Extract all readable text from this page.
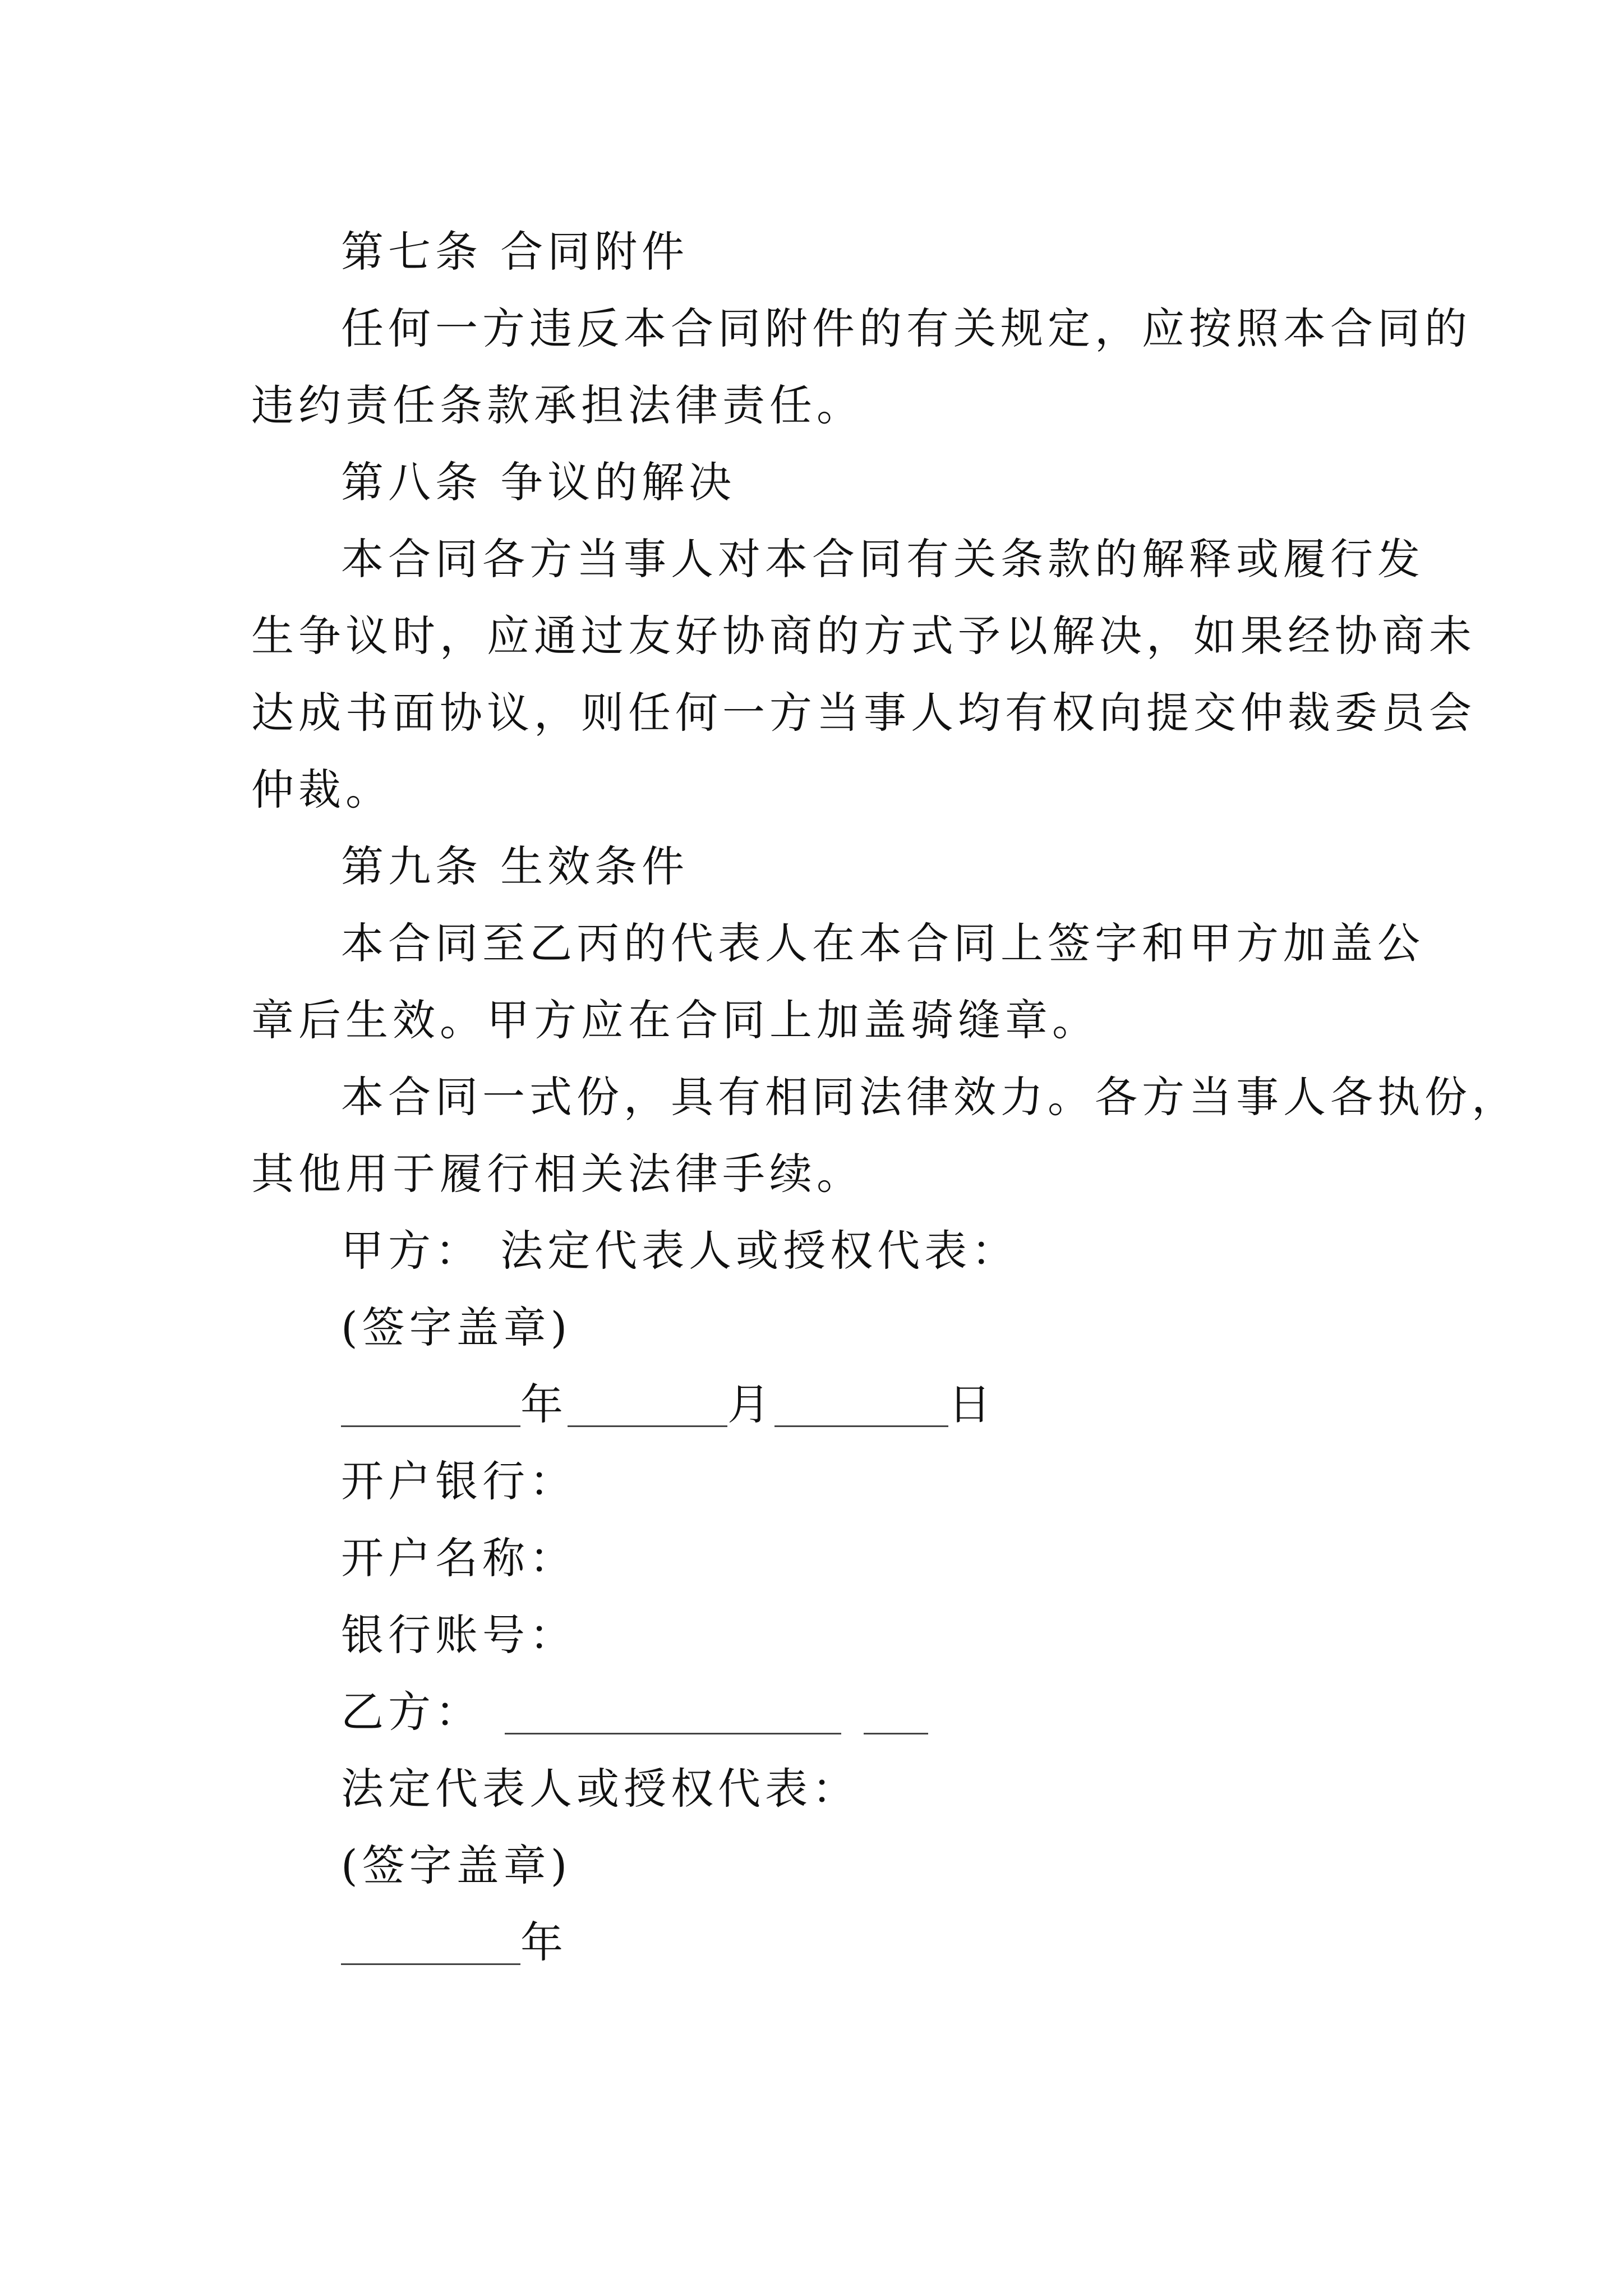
第七条 合同附件
任何一方违反本合同附件的有关规定，应按照本合同的
违约责任条款承担法律责任。
第八条 争议的解决
本合同各方当事人对本合同有关条款的解释或履行发
生争议时，应通过友好协商的方式予以解决，如果经协商未
达成书面协议，则任何一方当事人均有权向提交仲裁委员会
仲裁。
第九条 生效条件
本合同至乙丙的代表人在本合同上签字和甲方加盖公
章后生效。甲方应在合同上加盖骑缝章。
本合同一式份，具有相同法律效力。各方当事人各执份，
其他用于履行相关法律手续。
甲方： 法定代表人或授权代表：
(签字盖章)
年	月	日
开户银行：
开户名称：
银行账号：
乙方：
法定代表人或授权代表：
(签字盖章)
年
